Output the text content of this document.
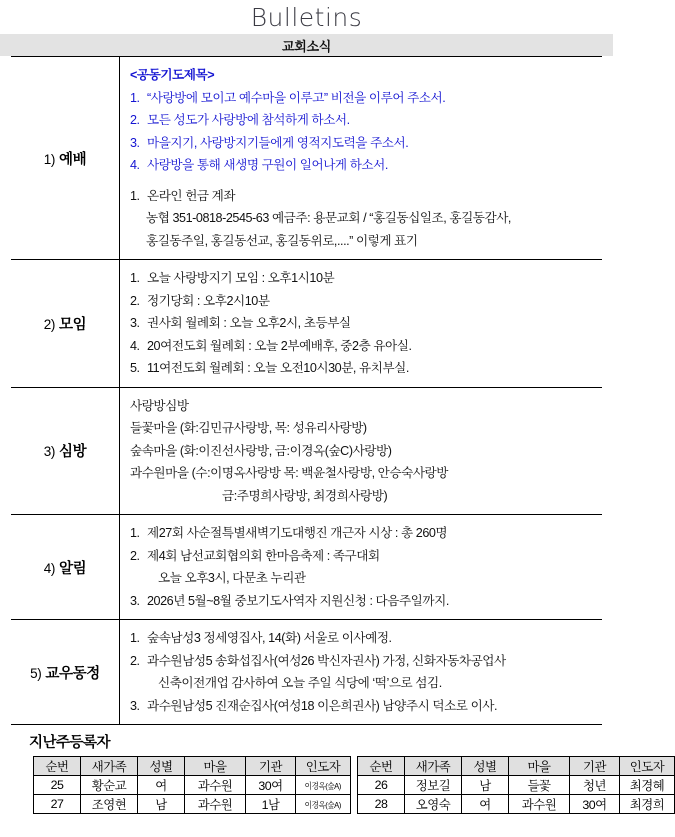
Bulletins
교회소식
1) 예배	
<공동기도제목>
1. “사랑방에 모이고 예수마을 이루고” 비전을 이루어 주소서.
2. 모든 성도가 사랑방에 참석하게 하소서.
3. 마을지기, 사랑방지기들에게 영적지도력을 주소서.
4. 사랑방을 통해 새생명 구원이 일어나게 하소서.
1. 온라인 헌금 계좌
농협 351-0818-2545-63 예금주: 용문교회 / “홍길동십일조, 홍길동감사,
홍길동주일, 홍길동선교, 홍길동위로,....” 이렇게 표기

2) 모임	1. 오늘 사랑방지기 모임 : 오후1시10분
2. 정기당회 : 오후2시10분
3. 권사회 월례회 : 오늘 오후2시, 초등부실
4. 20여전도회 월례회 : 오늘 2부예배후, 중2층 유아실.
5. 11여전도회 월례회 : 오늘 오전10시30분, 유치부실.

3) 심방	사랑방심방
들꽃마을 (화:김민규사랑방, 목: 성유리사랑방)
숲속마을 (화:이진선사랑방, 금:이경옥(숲C)사랑방)
과수원마을 (수:이명옥사랑방 목: 백윤철사랑방, 안승숙사랑방
금:주명희사랑방, 최경희사랑방)

4) 알림	1. 제27회 사순절특별새벽기도대행진 개근자 시상 : 총 260명
2. 제4회 남선교회협의회 한마음축제 : 족구대회
오늘 오후3시, 다문초 누리관
3. 2026년 5월~8월 중보기도사역자 지원신청 : 다음주일까지.

5) 교우동정	1. 숲속남성3 정세영집사, 14(화) 서울로 이사예정.
2. 과수원남성5 송화섭집사(여성26 박신자권사) 가정, 신화자동차공업사
신축이전개업 감사하여 오늘 주일 식당에 ‘떡’으로 섬김.
3. 과수원남성5 진재순집사(여성18 이은희권사) 남양주시 덕소로 이사.
지난주등록자
순번	새가족	성별	마을	기관	인도자		순번	새가족	성별	마을	기관	인도자
25	황순교	여	과수원	30여	이경옥(숲A)		26	정보길	남	들꽃	청년	최경혜
27	조영현	남	과수원	1남	이경옥(숲A)		28	오영숙	여	과수원	30여	최경희
